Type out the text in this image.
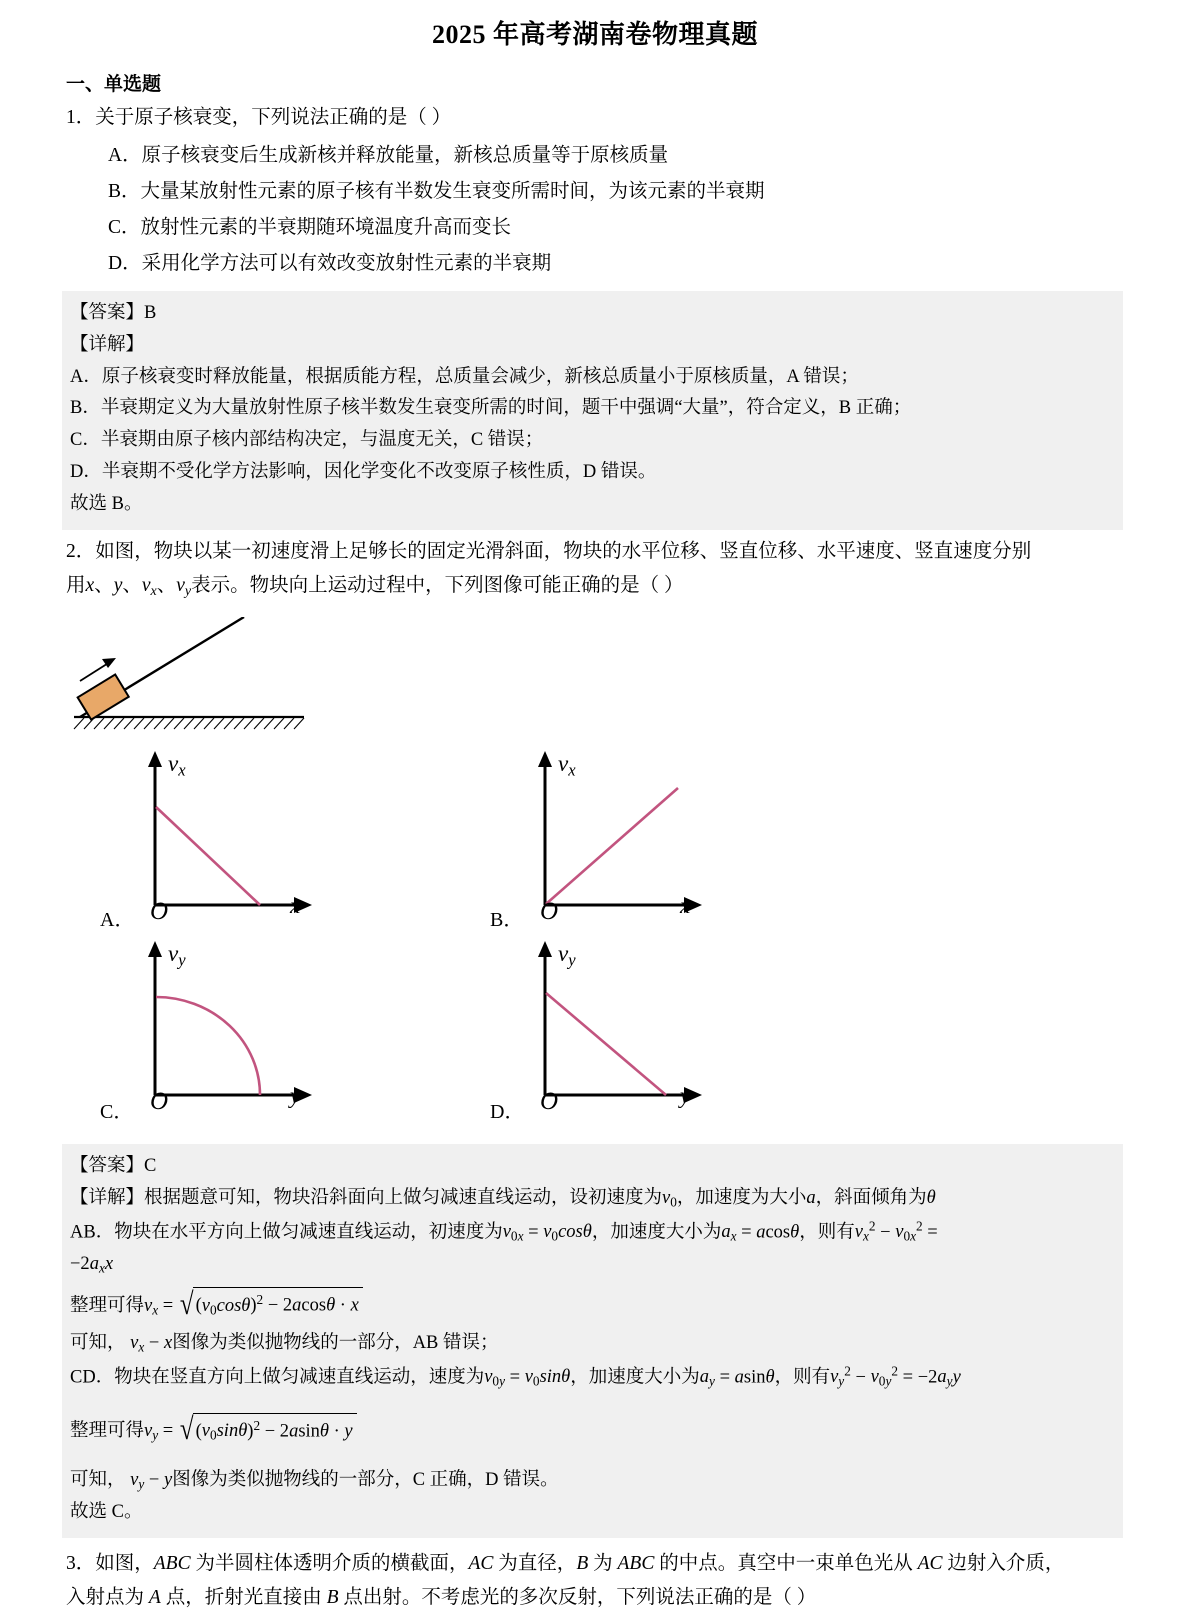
2025 年高考湖南卷物理真题
一、单选题
1．关于原子核衰变，下列说法正确的是（ ）
A．原子核衰变后生成新核并释放能量，新核总质量等于原核质量
B．大量某放射性元素的原子核有半数发生衰变所需时间，为该元素的半衰期
C．放射性元素的半衰期随环境温度升高而变长
D．采用化学方法可以有效改变放射性元素的半衰期
【答案】B
【详解】
A．原子核衰变时释放能量，根据质能方程，总质量会减少，新核总质量小于原核质量，A 错误；
B．半衰期定义为大量放射性原子核半数发生衰变所需的时间，题干中强调“大量”，符合定义，B 正确；
C．半衰期由原子核内部结构决定，与温度无关，C 错误；
D．半衰期不受化学方法影响，因化学变化不改变原子核性质，D 错误。
故选 B。
2．如图，物块以某一初速度滑上足够长的固定光滑斜面，物块的水平位移、竖直位移、水平速度、竖直速度分别
用x、y、$v_x$、$v_y$表示。物块向上运动过程中，下列图像可能正确的是（ ）
$v_x$
x
O
A．
$v_x$
x
O
B．
$v_y$
y
O
C．
$v_y$
y
O
D．
【答案】C
【详解】根据题意可知，物块沿斜面向上做匀减速直线运动，设初速度为$v_0$，加速度为大小a，斜面倾角为θ
AB．物块在水平方向上做匀减速直线运动，初速度为$v_{0x} = v_0\cos\theta$，加速度大小为$a_x = acos\theta$，则有$v_x^2 - v_{0x}^2$ =
$-2a_xx$
整理可得$v_x$ = √ $(v_0\cos\theta)^2 - 2acos\theta \cdot x$
可知， $v_x - x$图像为类似抛物线的一部分，AB 错误；
CD．物块在竖直方向上做匀减速直线运动，速度为$v_{0y} = v_0\sin\theta$，加速度大小为$a_y = asin\theta$，则有$v_y^2 - v_{0y}^2 = -2a_yy$
整理可得$v_y$ = √ $(v_0\sin\theta)^2 - 2asin\theta \cdot y$
可知， $v_y - y$图像为类似抛物线的一部分，C 正确，D 错误。
故选 C。
3．如图，ABC 为半圆柱体透明介质的横截面，AC 为直径，B 为 ABC 的中点。真空中一束单色光从 AC 边射入介质，
入射点为 A 点，折射光直接由 B 点出射。不考虑光的多次反射，下列说法正确的是（ ）
